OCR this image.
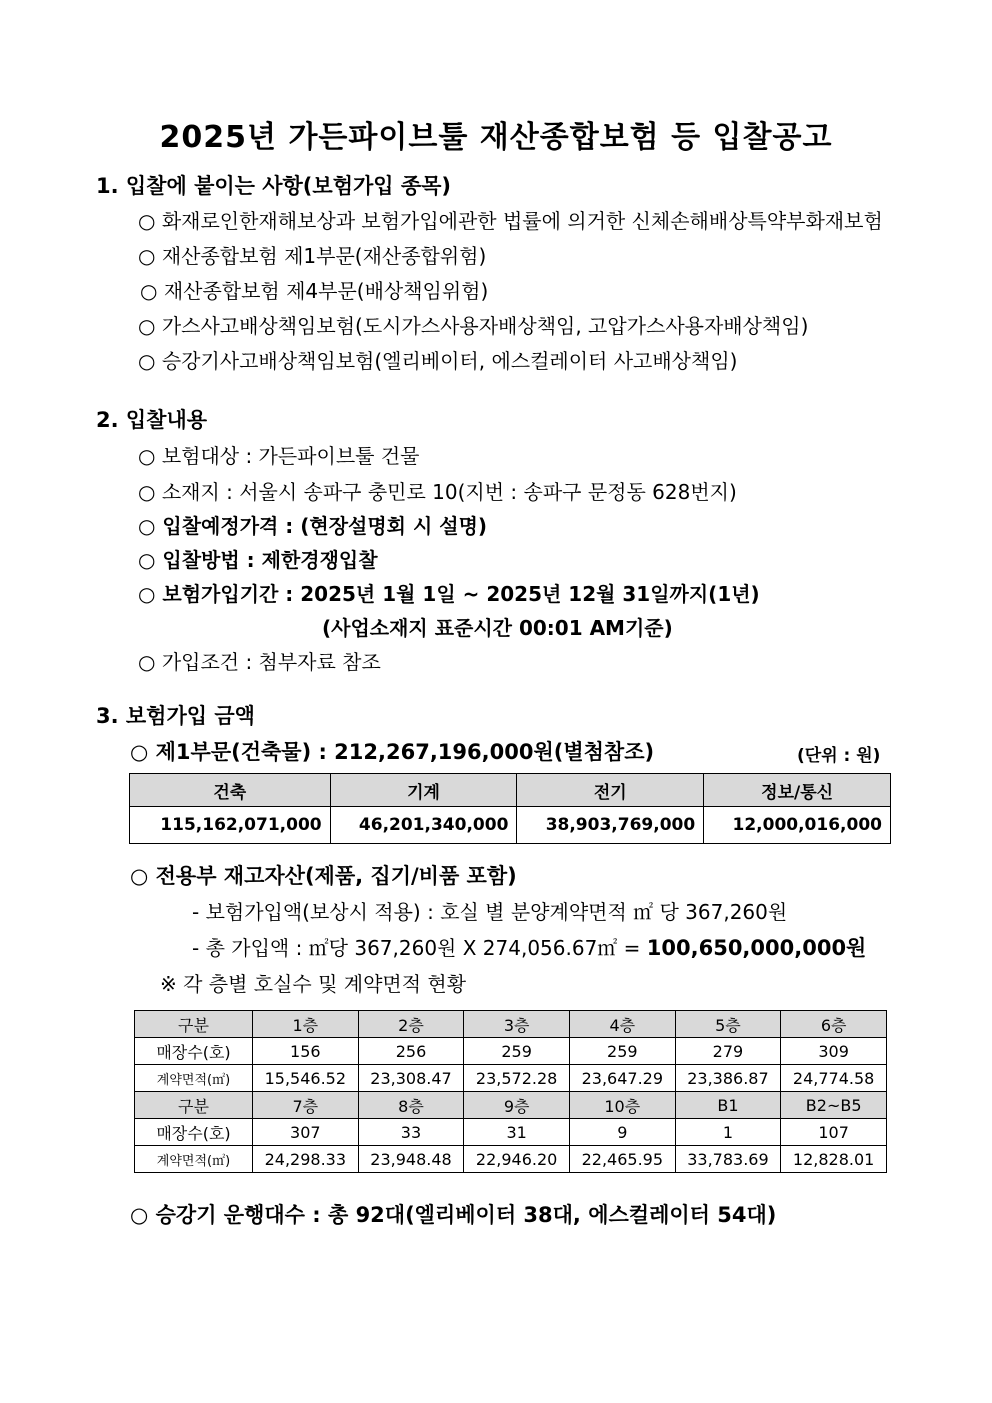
2025년 가든파이브툴 재산종합보험 등 입찰공고
1. 입찰에 붙이는 사항(보험가입 종목)
○ 화재로인한재해보상과 보험가입에관한 법률에 의거한 신체손해배상특약부화재보험
○ 재산종합보험 제1부문(재산종합위험)
○ 재산종합보험 제4부문(배상책임위험)
○ 가스사고배상책임보험(도시가스사용자배상책임, 고압가스사용자배상책임)
○ 승강기사고배상책임보험(엘리베이터, 에스컬레이터 사고배상책임)
2. 입찰내용
○ 보험대상 : 가든파이브툴 건물
○ 소재지 : 서울시 송파구 충민로 10(지번 : 송파구 문정동 628번지)
○ 입찰예정가격 : (현장설명회 시 설명)
○ 입찰방법 : 제한경쟁입찰
○ 보험가입기간 : 2025년 1월 1일 ~ 2025년 12월 31일까지(1년)
(사업소재지 표준시간 00:01 AM기준)
○ 가입조건 : 첨부자료 참조
3. 보험가입 금액
○ 제1부문(건축물) : 212,267,196,000원(별첨참조)	(단위 : 원)
건축	기계	전기	정보/통신
115,162,071,000	46,201,340,000	38,903,769,000	12,000,016,000
○ 전용부 재고자산(제품, 집기/비품 포함)
- 보험가입액(보상시 적용) : 호실 별 분양계약면적 ㎡ 당 367,260원
- 총 가입액 : ㎡당 367,260원 X 274,056.67㎡ = 100,650,000,000원
※ 각 층별 호실수 및 계약면적 현황
구분	1층	2층	3층	4층	5층	6층
매장수(호)	156	256	259	259	279	309
계약면적(㎡)	15,546.52	23,308.47	23,572.28	23,647.29	23,386.87	24,774.58
구분	7층	8층	9층	10층	B1	B2~B5
매장수(호)	307	33	31	9	1	107
계약면적(㎡)	24,298.33	23,948.48	22,946.20	22,465.95	33,783.69	12,828.01
○ 승강기 운행대수 : 총 92대(엘리베이터 38대, 에스컬레이터 54대)
